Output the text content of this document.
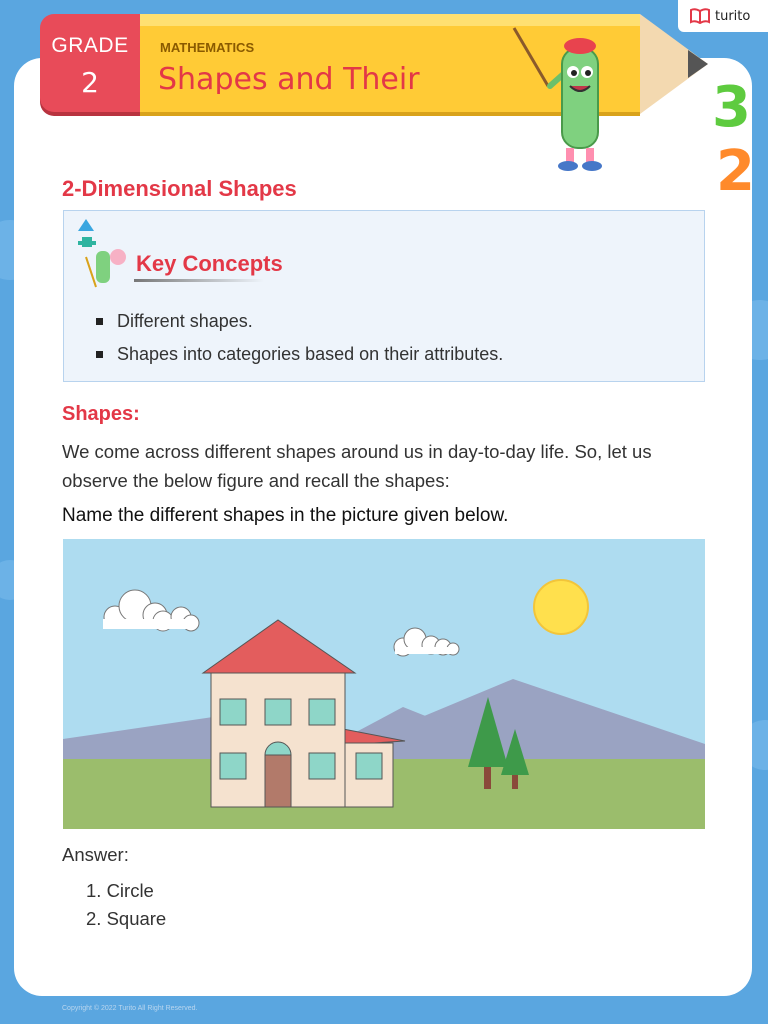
turito
GRADE
2
MATHEMATICS
Shapes and Their	3
2
2-Dimensional Shapes
Key Concepts
Different shapes.
Shapes into categories based on their attributes.
Shapes:
We come across different shapes around us in day-to-day life. So, let us observe the below figure and recall the shapes:
Name the different shapes in the picture given below.
Answer:
1. Circle
2. Square
Copyright © 2022 Turito All Right Reserved.
